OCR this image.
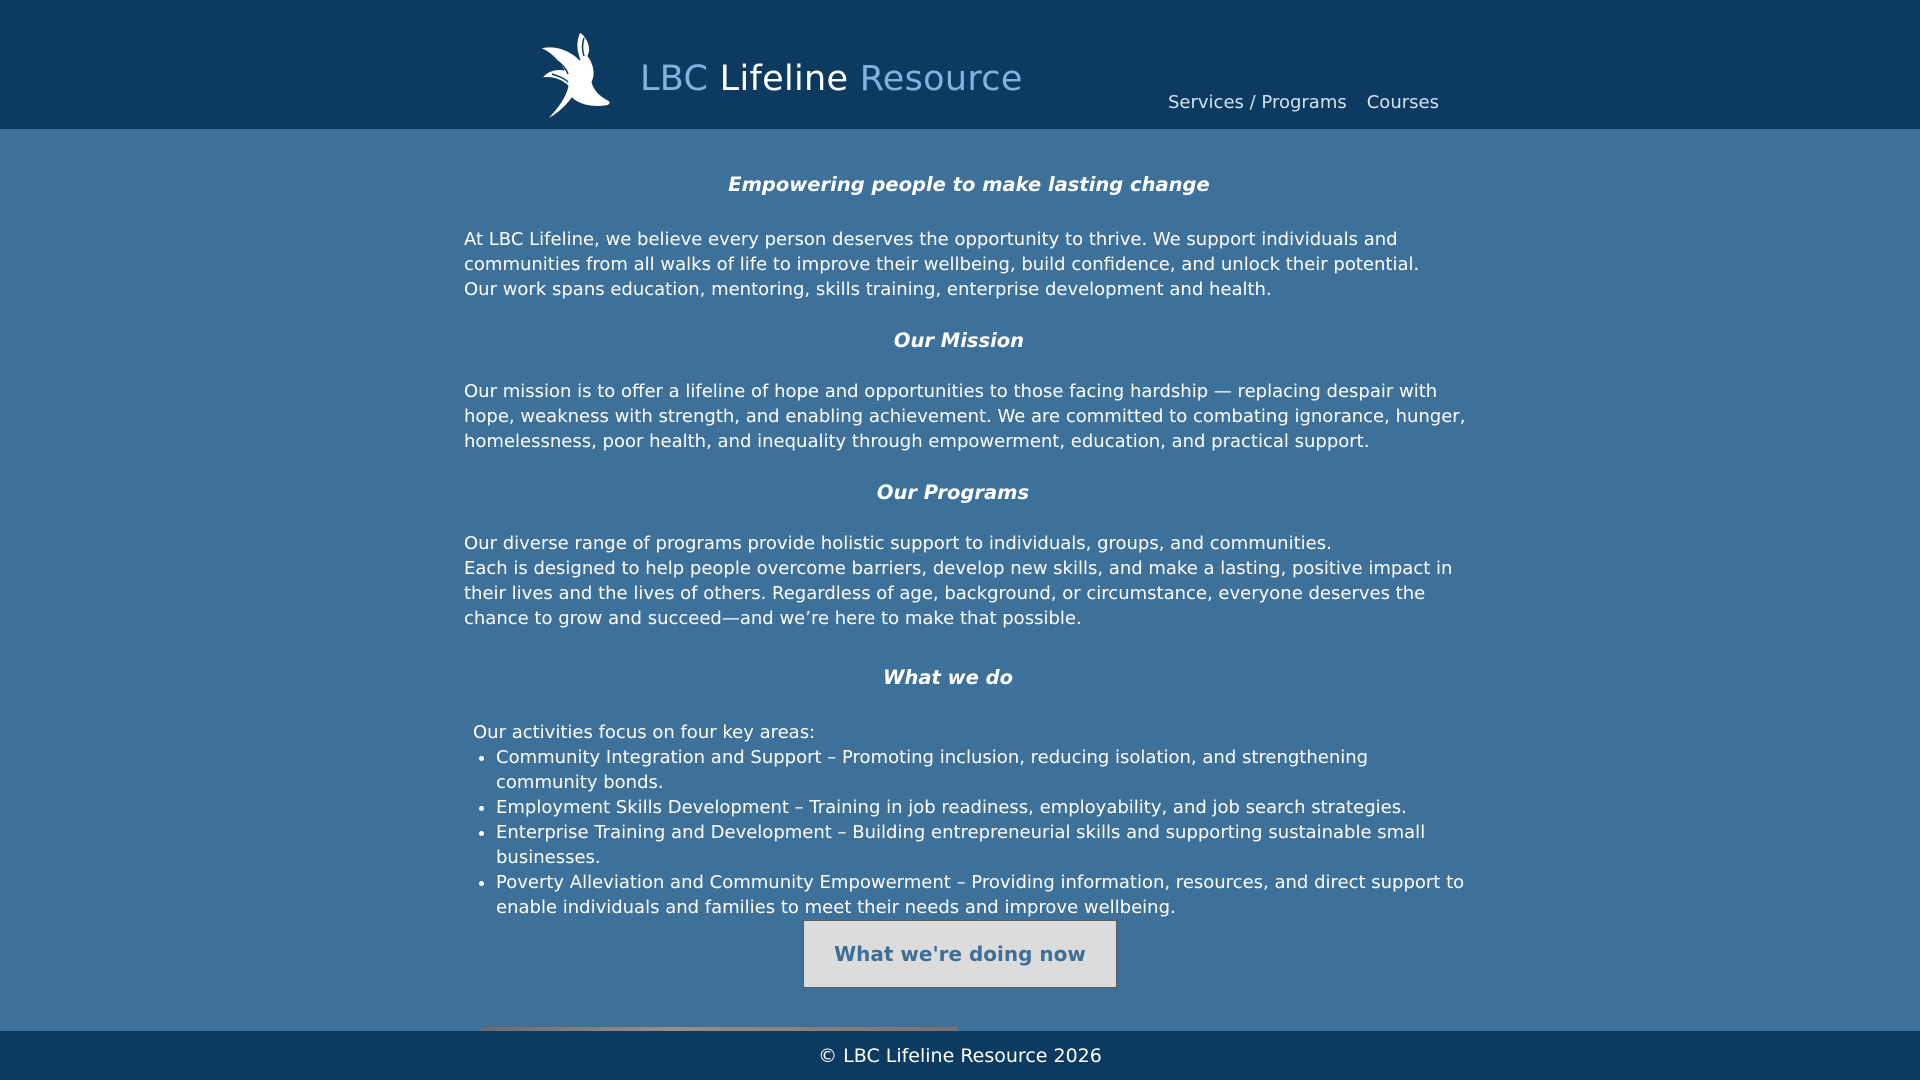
LBC Lifeline Resource
Services / Programs Courses
Empowering people to make lasting change

At LBC Lifeline, we believe every person deserves the opportunity to thrive. We support individuals and communities from all walks of life to improve their wellbeing, build confidence, and unlock their potential.

Our work spans education, mentoring, skills training, enterprise development and health.

Our Mission

Our mission is to offer a lifeline of hope and opportunities to those facing hardship — replacing despair with hope, weakness with strength, and enabling achievement. We are committed to combating ignorance, hunger, homelessness, poor health, and inequality through empowerment, education, and practical support.

Our Programs

Our diverse range of programs provide holistic support to individuals, groups, and communities.

Each is designed to help people overcome barriers, develop new skills, and make a lasting, positive impact in their lives and the lives of others. Regardless of age, background, or circumstance, everyone deserves the chance to grow and succeed—and we’re here to make that possible.

What we do

Our activities focus on four key areas:

• Community Integration and Support – Promoting inclusion, reducing isolation, and strengthening community bonds.
• Employment Skills Development – Training in job readiness, employability, and job search strategies.
• Enterprise Training and Development – Building entrepreneurial skills and supporting sustainable small businesses.
• Poverty Alleviation and Community Empowerment – Providing information, resources, and direct support to enable individuals and families to meet their needs and improve wellbeing.
What we're doing now
© LBC Lifeline Resource 2026
